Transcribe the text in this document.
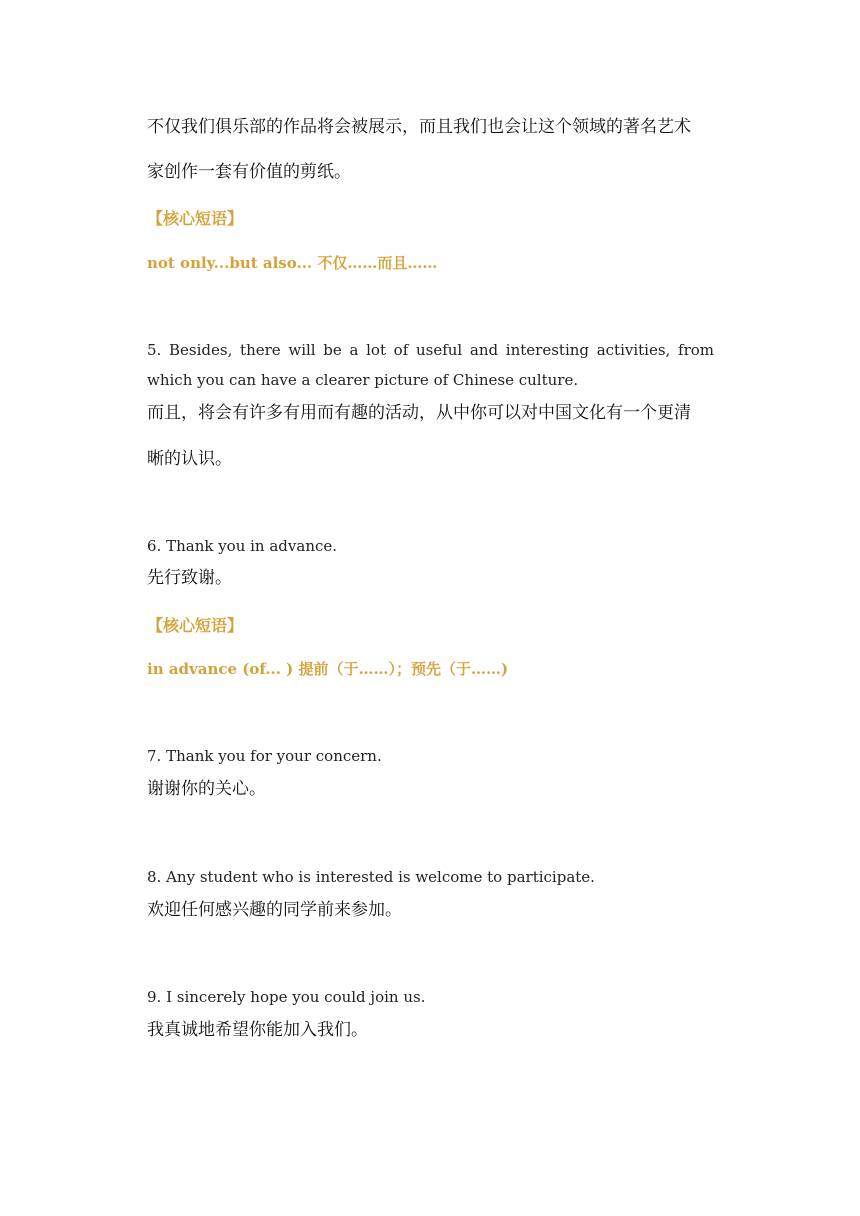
不仅我们俱乐部的作品将会被展示，而且我们也会让这个领域的著名艺术
家创作一套有价值的剪纸。
【核心短语】
not only...but also... 不仅……而且……
5. Besides, there will be a lot of useful and interesting activities, from
which you can have a clearer picture of Chinese culture.
而且，将会有许多有用而有趣的活动，从中你可以对中国文化有一个更清
晰的认识。
6. Thank you in advance.
先行致谢。
【核心短语】
in advance (of... ) 提前（于……）；预先（于……)
7. Thank you for your concern.
谢谢你的关心。
8. Any student who is interested is welcome to participate.
欢迎任何感兴趣的同学前来参加。
9. I sincerely hope you could join us.
我真诚地希望你能加入我们。
